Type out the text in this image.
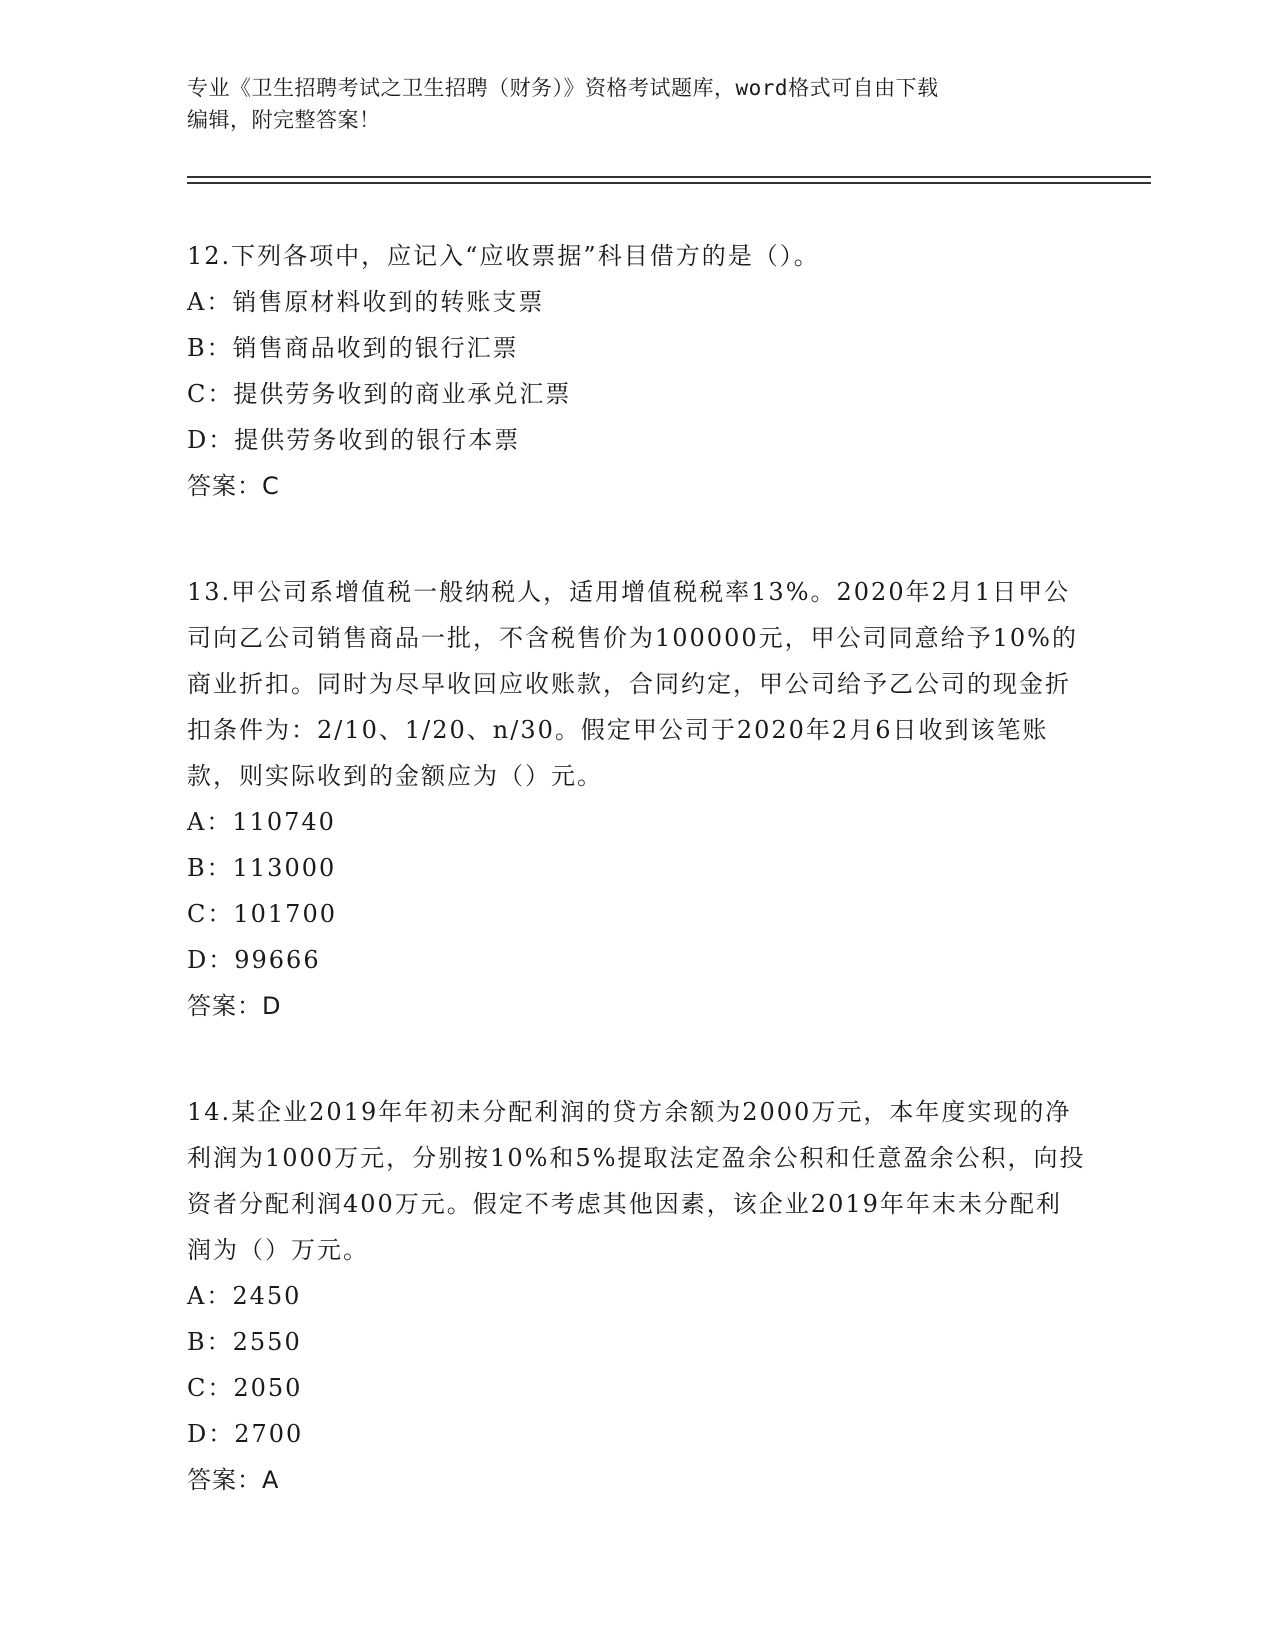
专业《卫生招聘考试之卫生招聘（财务）》资格考试题库，word格式可自由下载
编辑，附完整答案！

12.下列各项中，应记入“应收票据”科目借方的是（）。

A：销售原材料收到的转账支票

B：销售商品收到的银行汇票

C：提供劳务收到的商业承兑汇票

D：提供劳务收到的银行本票

答案：C

13.甲公司系增值税一般纳税人，适用增值税税率13%。2020年2月1日甲公司向乙公司销售商品一批，不含税售价为100000元，甲公司同意给予10%的商业折扣。同时为尽早收回应收账款，合同约定，甲公司给予乙公司的现金折扣条件为：2/10、1/20、n/30。假定甲公司于2020年2月6日收到该笔账款，则实际收到的金额应为（）元。

A：110740

B：113000

C：101700

D：99666

答案：D

14.某企业2019年年初未分配利润的贷方余额为2000万元，本年度实现的净利润为1000万元，分别按10%和5%提取法定盈余公积和任意盈余公积，向投资者分配利润400万元。假定不考虑其他因素，该企业2019年年末未分配利润为（）万元。

A：2450

B：2550

C：2050

D：2700

答案：A
